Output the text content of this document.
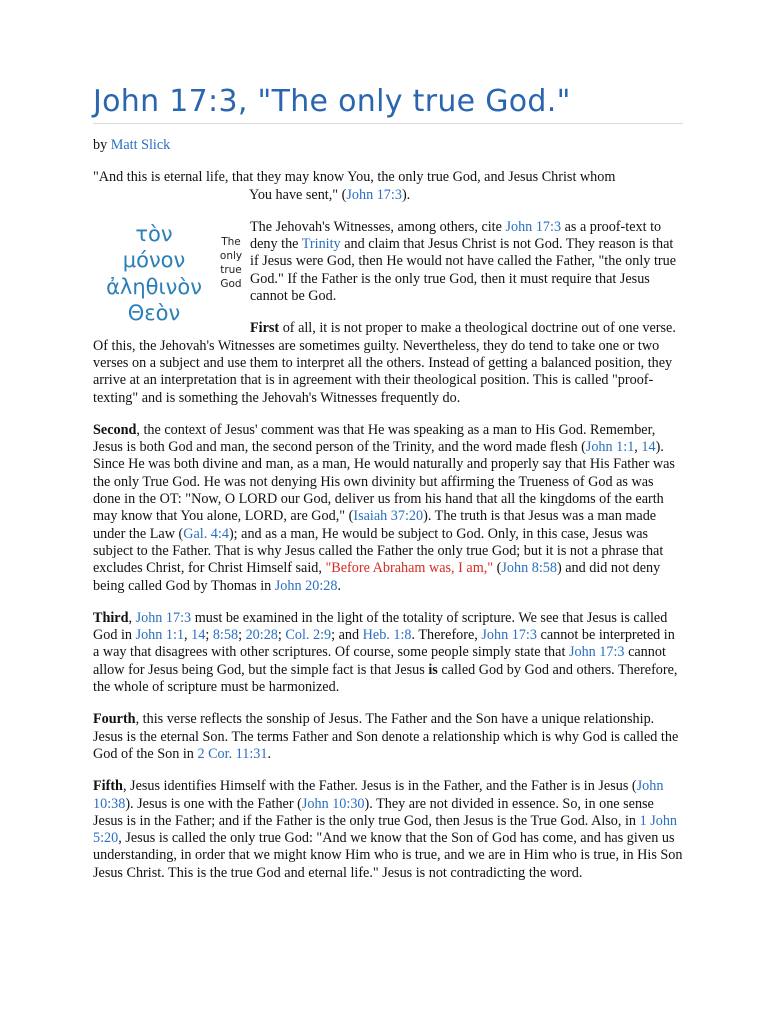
John 17:3, "The only true God."

by Matt Slick

"And this is eternal life, that they may know You, the only true God, and Jesus Christ whom
You have sent," (John 17:3).

τὸν
μόνον
ἀληθινὸν
Θεὸν
The
only
true
God

The Jehovah's Witnesses, among others, cite John 17:3 as a proof-text to deny the Trinity and claim that Jesus Christ is not God. They reason is that if Jesus were God, then He would not have called the Father, "the only true God." If the Father is the only true God, then it must require that Jesus cannot be God.

First of all, it is not proper to make a theological doctrine out of one verse. Of this, the Jehovah's Witnesses are sometimes guilty. Nevertheless, they do tend to take one or two verses on a subject and use them to interpret all the others. Instead of getting a balanced position, they arrive at an interpretation that is in agreement with their theological position. This is called "proof-texting" and is something the Jehovah's Witnesses frequently do.

Second, the context of Jesus' comment was that He was speaking as a man to His God. Remember, Jesus is both God and man, the second person of the Trinity, and the word made flesh (John 1:1, 14). Since He was both divine and man, as a man, He would naturally and properly say that His Father was the only True God. He was not denying His own divinity but affirming the Trueness of God as was done in the OT: "Now, O LORD our God, deliver us from his hand that all the kingdoms of the earth may know that You alone, LORD, are God," (Isaiah 37:20). The truth is that Jesus was a man made under the Law (Gal. 4:4); and as a man, He would be subject to God. Only, in this case, Jesus was subject to the Father. That is why Jesus called the Father the only true God; but it is not a phrase that excludes Christ, for Christ Himself said, "Before Abraham was, I am," (John 8:58) and did not deny being called God by Thomas in John 20:28.

Third, John 17:3 must be examined in the light of the totality of scripture. We see that Jesus is called God in John 1:1, 14; 8:58; 20:28; Col. 2:9; and Heb. 1:8. Therefore, John 17:3 cannot be interpreted in a way that disagrees with other scriptures. Of course, some people simply state that John 17:3 cannot allow for Jesus being God, but the simple fact is that Jesus is called God by God and others. Therefore, the whole of scripture must be harmonized.

Fourth, this verse reflects the sonship of Jesus. The Father and the Son have a unique relationship. Jesus is the eternal Son. The terms Father and Son denote a relationship which is why God is called the God of the Son in 2 Cor. 11:31.

Fifth, Jesus identifies Himself with the Father. Jesus is in the Father, and the Father is in Jesus (John 10:38). Jesus is one with the Father (John 10:30). They are not divided in essence. So, in one sense Jesus is in the Father; and if the Father is the only true God, then Jesus is the True God. Also, in 1 John 5:20, Jesus is called the only true God: "And we know that the Son of God has come, and has given us understanding, in order that we might know Him who is true, and we are in Him who is true, in His Son Jesus Christ. This is the true God and eternal life." Jesus is not contradicting the word.
